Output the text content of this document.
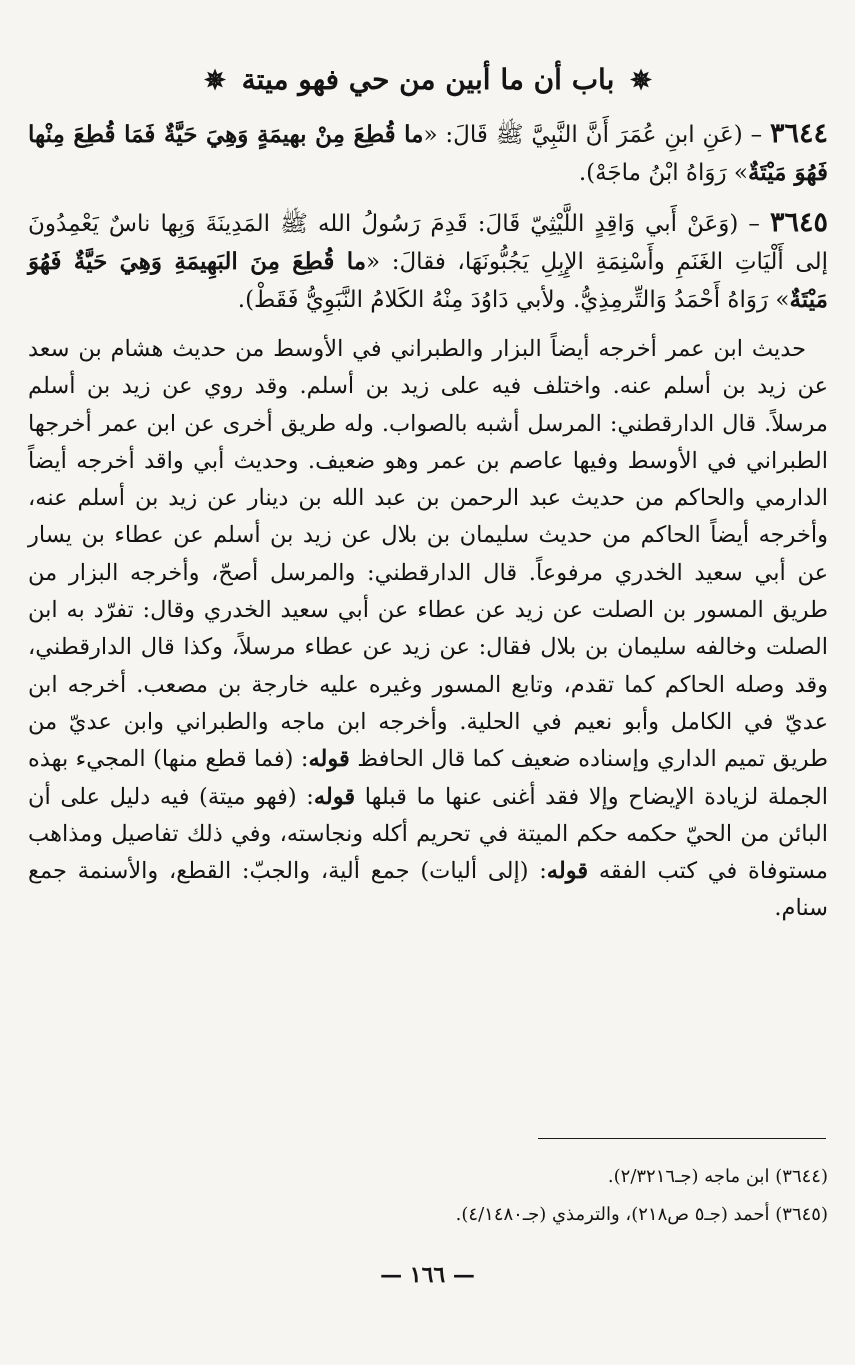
✵ باب أن ما أبين من حي فهو ميتة ✵

٣٦٤٤ – (عَنِ ابنِ عُمَرَ أَنَّ النَّبِيَّ ﷺ قَالَ: «ما قُطِعَ مِنْ بهيمَةٍ وَهِيَ حَيَّةٌ فَمَا قُطِعَ مِنْها فَهُوَ مَيْتَةٌ» رَوَاهُ ابْنُ ماجَهْ).

٣٦٤٥ – (وَعَنْ أَبي وَاقِدٍ اللَّيْثِيّ قَالَ: قَدِمَ رَسُولُ الله ﷺ المَدِينَةَ وَبِها ناسٌ يَعْمِدُونَ إلى أَلْيَاتِ الغَنَمِ وأَسْنِمَةِ الإِبِلِ يَجُبُّونَهَا، فقالَ: «ما قُطِعَ مِنَ البَهِيمَةِ وَهِيَ حَيَّةٌ فَهُوَ مَيْتَةٌ» رَوَاهُ أَحْمَدُ وَالتِّرمِذِيُّ. ولأبي دَاوُدَ مِنْهُ الكَلامُ النَّبَوِيُّ فَقَطْ).

حديث ابن عمر أخرجه أيضاً البزار والطبراني في الأوسط من حديث هشام بن سعد عن زيد بن أسلم عنه. واختلف فيه على زيد بن أسلم. وقد روي عن زيد بن أسلم مرسلاً. قال الدارقطني: المرسل أشبه بالصواب. وله طريق أخرى عن ابن عمر أخرجها الطبراني في الأوسط وفيها عاصم بن عمر وهو ضعيف. وحديث أبي واقد أخرجه أيضاً الدارمي والحاكم من حديث عبد الرحمن بن عبد الله بن دينار عن زيد بن أسلم عنه، وأخرجه أيضاً الحاكم من حديث سليمان بن بلال عن زيد بن أسلم عن عطاء بن يسار عن أبي سعيد الخدري مرفوعاً. قال الدارقطني: والمرسل أصحّ، وأخرجه البزار من طريق المسور بن الصلت عن زيد عن عطاء عن أبي سعيد الخدري وقال: تفرّد به ابن الصلت وخالفه سليمان بن بلال فقال: عن زيد عن عطاء مرسلاً، وكذا قال الدارقطني، وقد وصله الحاكم كما تقدم، وتابع المسور وغيره عليه خارجة بن مصعب. أخرجه ابن عديّ في الكامل وأبو نعيم في الحلية. وأخرجه ابن ماجه والطبراني وابن عديّ من طريق تميم الداري وإسناده ضعيف كما قال الحافظ قوله: (فما قطع منها) المجيء بهذه الجملة لزيادة الإيضاح وإلا فقد أغنى عنها ما قبلها قوله: (فهو ميتة) فيه دليل على أن البائن من الحيّ حكمه حكم الميتة في تحريم أكله ونجاسته، وفي ذلك تفاصيل ومذاهب مستوفاة في كتب الفقه قوله: (إلى أليات) جمع ألية، والجبّ: القطع، والأسنمة جمع سنام.

(٣٦٤٤) ابن ماجه (جـ٢/٣٢١٦).
(٣٦٤٥) أحمد (جـ٥ ص٢١٨)، والترمذي (جـ٤/١٤٨٠).
— ١٦٦ —
